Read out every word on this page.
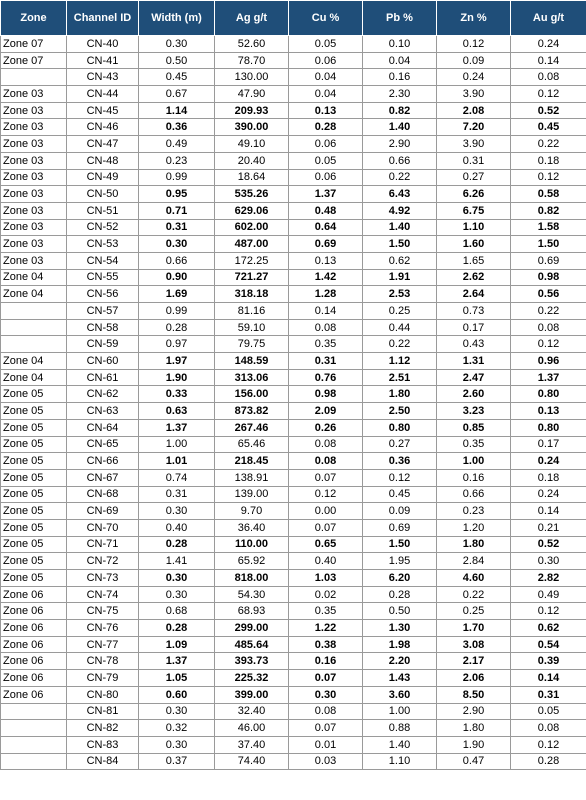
Zone	Channel ID	Width (m)	Ag g/t	Cu %	Pb %	Zn %	Au g/t
Zone 07	CN-40	0.30	52.60	0.05	0.10	0.12	0.24
Zone 07	CN-41	0.50	78.70	0.06	0.04	0.09	0.14
	CN-43	0.45	130.00	0.04	0.16	0.24	0.08
Zone 03	CN-44	0.67	47.90	0.04	2.30	3.90	0.12
Zone 03	CN-45	1.14	209.93	0.13	0.82	2.08	0.52
Zone 03	CN-46	0.36	390.00	0.28	1.40	7.20	0.45
Zone 03	CN-47	0.49	49.10	0.06	2.90	3.90	0.22
Zone 03	CN-48	0.23	20.40	0.05	0.66	0.31	0.18
Zone 03	CN-49	0.99	18.64	0.06	0.22	0.27	0.12
Zone 03	CN-50	0.95	535.26	1.37	6.43	6.26	0.58
Zone 03	CN-51	0.71	629.06	0.48	4.92	6.75	0.82
Zone 03	CN-52	0.31	602.00	0.64	1.40	1.10	1.58
Zone 03	CN-53	0.30	487.00	0.69	1.50	1.60	1.50
Zone 03	CN-54	0.66	172.25	0.13	0.62	1.65	0.69
Zone 04	CN-55	0.90	721.27	1.42	1.91	2.62	0.98
Zone 04	CN-56	1.69	318.18	1.28	2.53	2.64	0.56
	CN-57	0.99	81.16	0.14	0.25	0.73	0.22
	CN-58	0.28	59.10	0.08	0.44	0.17	0.08
	CN-59	0.97	79.75	0.35	0.22	0.43	0.12
Zone 04	CN-60	1.97	148.59	0.31	1.12	1.31	0.96
Zone 04	CN-61	1.90	313.06	0.76	2.51	2.47	1.37
Zone 05	CN-62	0.33	156.00	0.98	1.80	2.60	0.80
Zone 05	CN-63	0.63	873.82	2.09	2.50	3.23	0.13
Zone 05	CN-64	1.37	267.46	0.26	0.80	0.85	0.80
Zone 05	CN-65	1.00	65.46	0.08	0.27	0.35	0.17
Zone 05	CN-66	1.01	218.45	0.08	0.36	1.00	0.24
Zone 05	CN-67	0.74	138.91	0.07	0.12	0.16	0.18
Zone 05	CN-68	0.31	139.00	0.12	0.45	0.66	0.24
Zone 05	CN-69	0.30	9.70	0.00	0.09	0.23	0.14
Zone 05	CN-70	0.40	36.40	0.07	0.69	1.20	0.21
Zone 05	CN-71	0.28	110.00	0.65	1.50	1.80	0.52
Zone 05	CN-72	1.41	65.92	0.40	1.95	2.84	0.30
Zone 05	CN-73	0.30	818.00	1.03	6.20	4.60	2.82
Zone 06	CN-74	0.30	54.30	0.02	0.28	0.22	0.49
Zone 06	CN-75	0.68	68.93	0.35	0.50	0.25	0.12
Zone 06	CN-76	0.28	299.00	1.22	1.30	1.70	0.62
Zone 06	CN-77	1.09	485.64	0.38	1.98	3.08	0.54
Zone 06	CN-78	1.37	393.73	0.16	2.20	2.17	0.39
Zone 06	CN-79	1.05	225.32	0.07	1.43	2.06	0.14
Zone 06	CN-80	0.60	399.00	0.30	3.60	8.50	0.31
	CN-81	0.30	32.40	0.08	1.00	2.90	0.05
	CN-82	0.32	46.00	0.07	0.88	1.80	0.08
	CN-83	0.30	37.40	0.01	1.40	1.90	0.12
	CN-84	0.37	74.40	0.03	1.10	0.47	0.28
